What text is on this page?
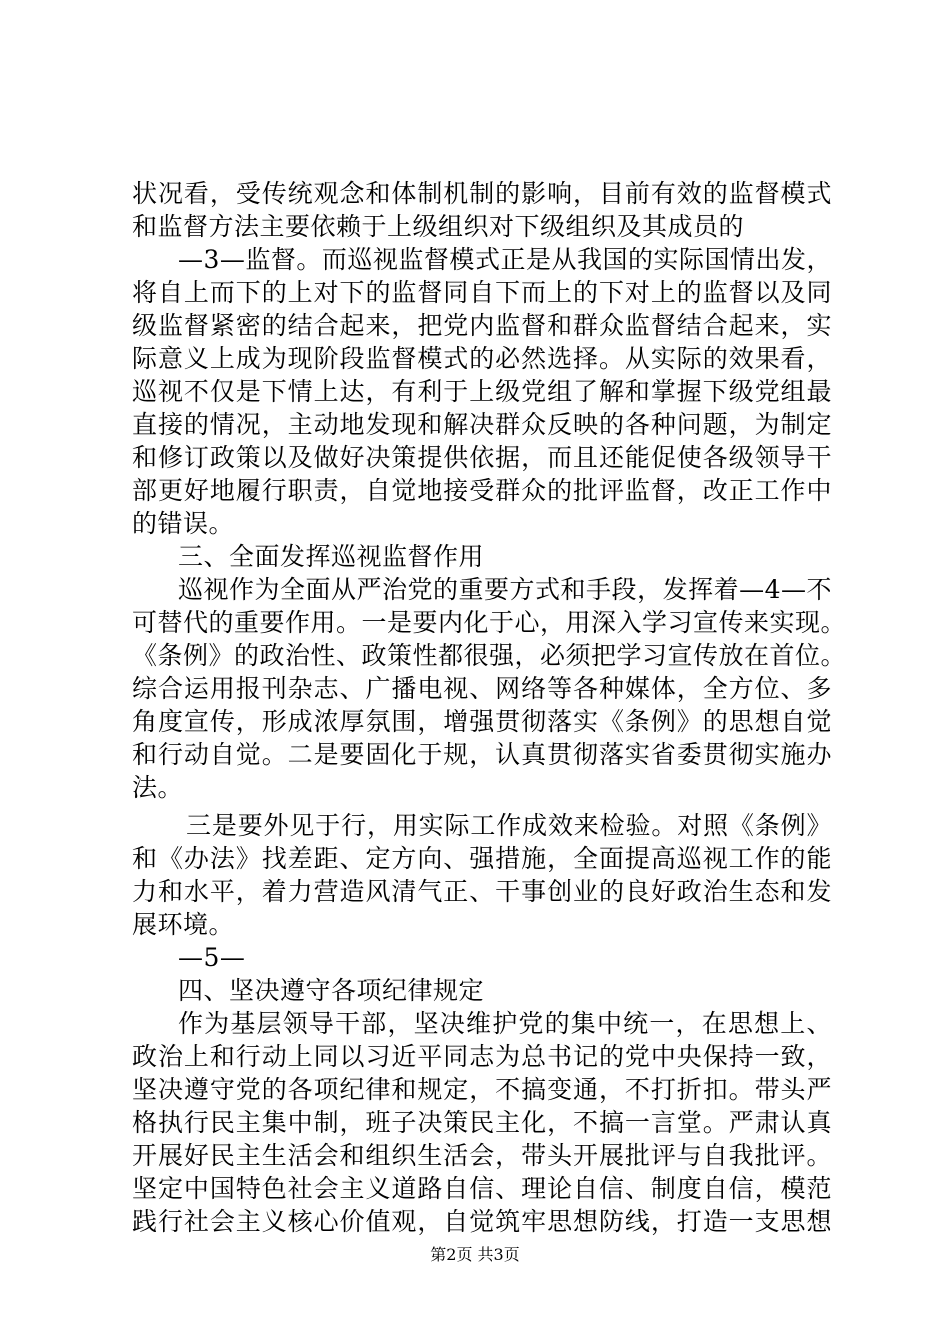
状况看，受传统观念和体制机制的影响，目前有效的监督模式
和监督方法主要依赖于上级组织对下级组织及其成员的
—3—监督。而巡视监督模式正是从我国的实际国情出发，
将自上而下的上对下的监督同自下而上的下对上的监督以及同
级监督紧密的结合起来，把党内监督和群众监督结合起来，实
际意义上成为现阶段监督模式的必然选择。从实际的效果看，
巡视不仅是下情上达，有利于上级党组了解和掌握下级党组最
直接的情况，主动地发现和解决群众反映的各种问题，为制定
和修订政策以及做好决策提供依据，而且还能促使各级领导干
部更好地履行职责，自觉地接受群众的批评监督，改正工作中
的错误。
三、全面发挥巡视监督作用
巡视作为全面从严治党的重要方式和手段，发挥着—4—不
可替代的重要作用。一是要内化于心，用深入学习宣传来实现。
《条例》的政治性、政策性都很强，必须把学习宣传放在首位。
综合运用报刊杂志、广播电视、网络等各种媒体，全方位、多
角度宣传，形成浓厚氛围，增强贯彻落实《条例》的思想自觉
和行动自觉。二是要固化于规，认真贯彻落实省委贯彻实施办
法。
三是要外见于行，用实际工作成效来检验。对照《条例》
和《办法》找差距、定方向、强措施，全面提高巡视工作的能
力和水平，着力营造风清气正、干事创业的良好政治生态和发
展环境。
—5—
四、坚决遵守各项纪律规定
作为基层领导干部，坚决维护党的集中统一，在思想上、
政治上和行动上同以习近平同志为总书记的党中央保持一致，
坚决遵守党的各项纪律和规定，不搞变通，不打折扣。带头严
格执行民主集中制，班子决策民主化，不搞一言堂。严肃认真
开展好民主生活会和组织生活会，带头开展批评与自我批评。
坚定中国特色社会主义道路自信、理论自信、制度自信，模范
践行社会主义核心价值观，自觉筑牢思想防线，打造一支思想
第2页 共3页
